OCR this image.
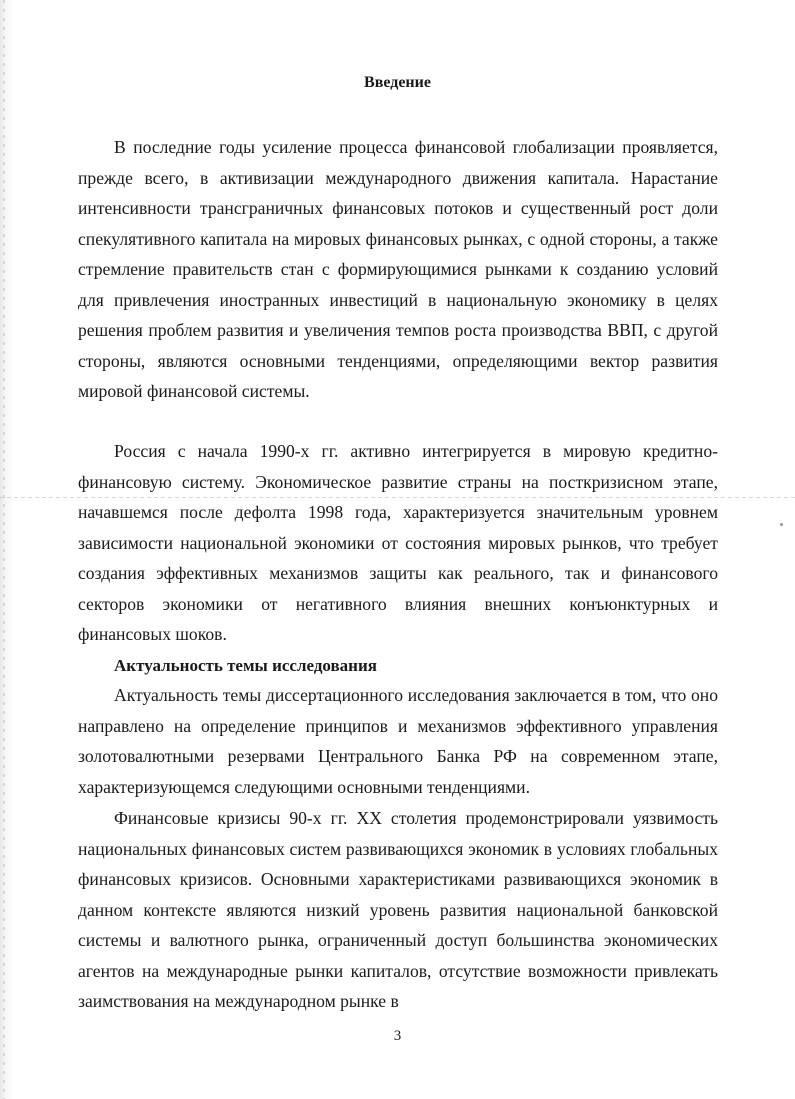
Введение

В последние годы усиление процесса финансовой глобализации проявляется, прежде всего, в активизации международного движения капитала. Нарастание интенсивности трансграничных финансовых потоков и существенный рост доли спекулятивного капитала на мировых финансовых рынках, с одной стороны, а также стремление правительств стан с формирующимися рынками к созданию условий для привлечения иностранных инвестиций в национальную экономику в целях решения проблем развития и увеличения темпов роста производства ВВП, с другой стороны, являются основными тенденциями, определяющими вектор развития мировой финансовой системы.

Россия с начала 1990-х гг. активно интегрируется в мировую кредитно-финансовую систему. Экономическое развитие страны на посткризисном этапе, начавшемся после дефолта 1998 года, характеризуется значительным уровнем зависимости национальной экономики от состояния мировых рынков, что требует создания эффективных механизмов защиты как реального, так и финансового секторов экономики от негативного влияния внешних конъюнктурных и финансовых шоков.

Актуальность темы исследования

Актуальность темы диссертационного исследования заключается в том, что оно направлено на определение принципов и механизмов эффективного управления золотовалютными резервами Центрального Банка РФ на современном этапе, характеризующемся следующими основными тенденциями.

Финансовые кризисы 90-х гг. XX столетия продемонстрировали уязвимость национальных финансовых систем развивающихся экономик в условиях глобальных финансовых кризисов. Основными характеристиками развивающихся экономик в данном контексте являются низкий уровень развития национальной банковской системы и валютного рынка, ограниченный доступ большинства экономических агентов на международные рынки капиталов, отсутствие возможности привлекать заимствования на международном рынке в

3
